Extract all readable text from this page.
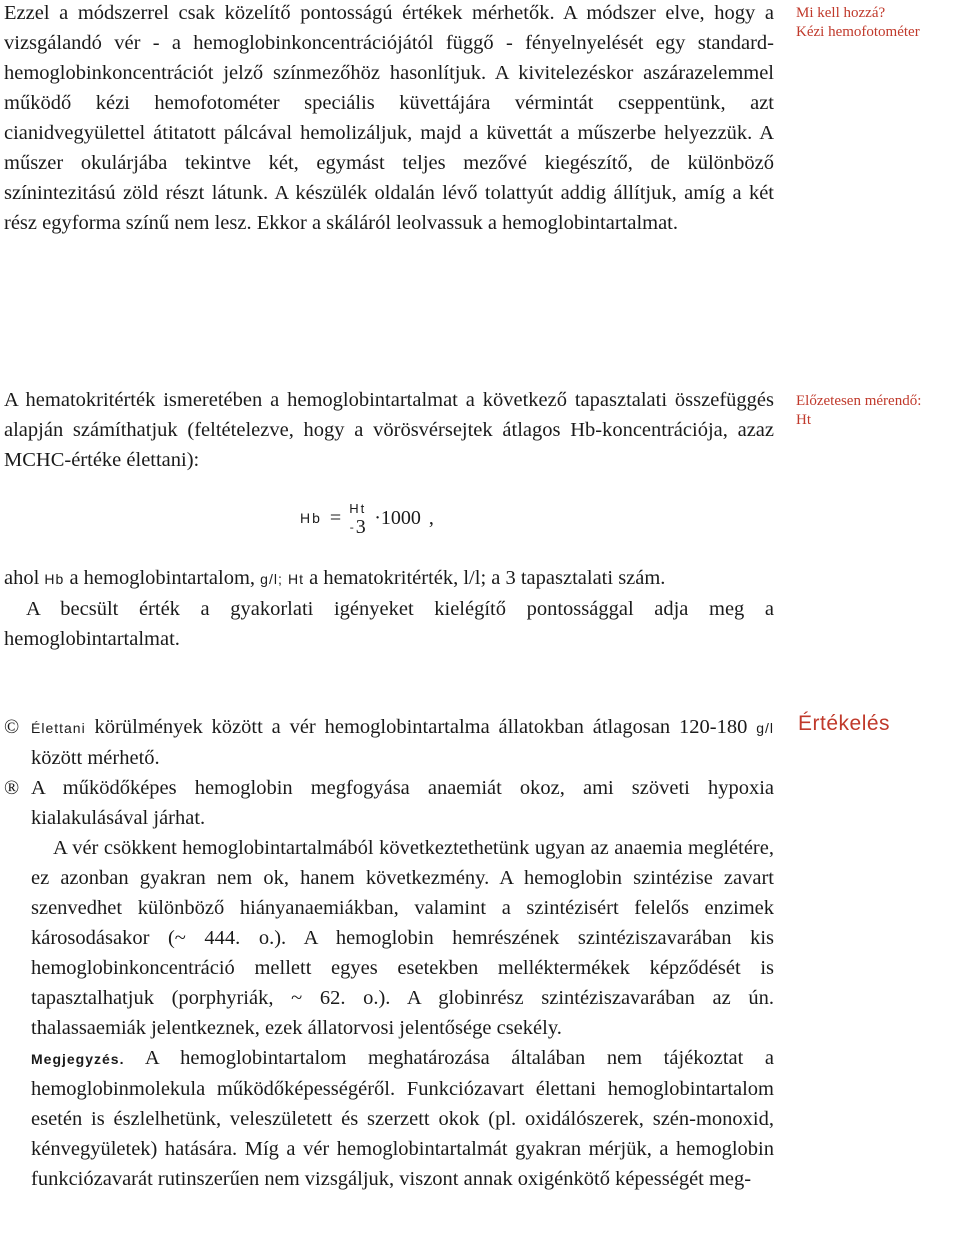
Ezzel a módszerrel csak közelítő pontosságú értékek mérhetők. A módszer elve, hogy a vizsgálandó vér - a hemoglobinkoncentrációjától függő - fényelnyelését egy standard-hemoglobinkoncentrációt jelző színmezőhöz hasonlítjuk. A kivitelezéskor aszárazelemmel működő kézi hemofotométer speciális küvettájára vérmintát cseppentünk, azt cianidvegyülettel átitatott pálcával hemolizáljuk, majd a küvettát a műszerbe helyezzük. A műszer okulárjába tekintve két, egymást teljes mezővé kiegészítő, de különböző színintezitású zöld részt látunk. A készülék oldalán lévő tolattyút addig állítjuk, amíg a két rész egyforma színű nem lesz. Ekkor a skáláról leolvassuk a hemoglobintartalmat.

Mi kell hozzá?
Kézi hemofotométer

A hematokritérték ismeretében a hemoglobintartalmat a következő tapasztalati összefüggés alapján számíthatjuk (feltételezve, hogy a vörösvérsejtek átlagos Hb-koncentrációja, azaz MCHC-értéke élettani):

Előzetesen mérendő:
Ht
Hb = Ht
- 3 ·1000 ,

ahol Hb a hemoglobintartalom, g/l; Ht a hematokritérték, l/l; a 3 tapasztalati szám.

A becsült érték a gyakorlati igényeket kielégítő pontossággal adja meg a hemoglobintartalmat.

Értékelés
© Élettani körülmények között a vér hemoglobintartalma állatokban átlagosan 120-180 g/l között mérhető.
® A működőképes hemoglobin megfogyása anaemiát okoz, ami szöveti hypoxia kialakulásával járhat.
A vér csökkent hemoglobintartalmából következtethetünk ugyan az anaemia meglétére, ez azonban gyakran nem ok, hanem következmény. A hemoglobin szintézise zavart szenvedhet különböző hiányanaemiákban, valamint a szintézisért felelős enzimek károsodásakor (~ 444. o.). A hemoglobin hemrészének szintéziszavarában kis hemoglobinkoncentráció mellett egyes esetekben melléktermékek képződését is tapasztalhatjuk (porphyriák, ~ 62. o.). A globinrész szintéziszavarában az ún. thalassaemiák jelentkeznek, ezek állatorvosi jelentősége csekély.
Megjegyzés. A hemoglobintartalom meghatározása általában nem tájékoztat a hemoglobinmolekula működőképességéről. Funkciózavart élettani hemoglobintartalom esetén is észlelhetünk, veleszületett és szerzett okok (pl. oxidálószerek, szén-monoxid, kénvegyületek) hatására. Míg a vér hemoglobintartalmát gyakran mérjük, a hemoglobin funkciózavarát rutinszerűen nem vizsgáljuk, viszont annak oxigénkötő képességét meg-
